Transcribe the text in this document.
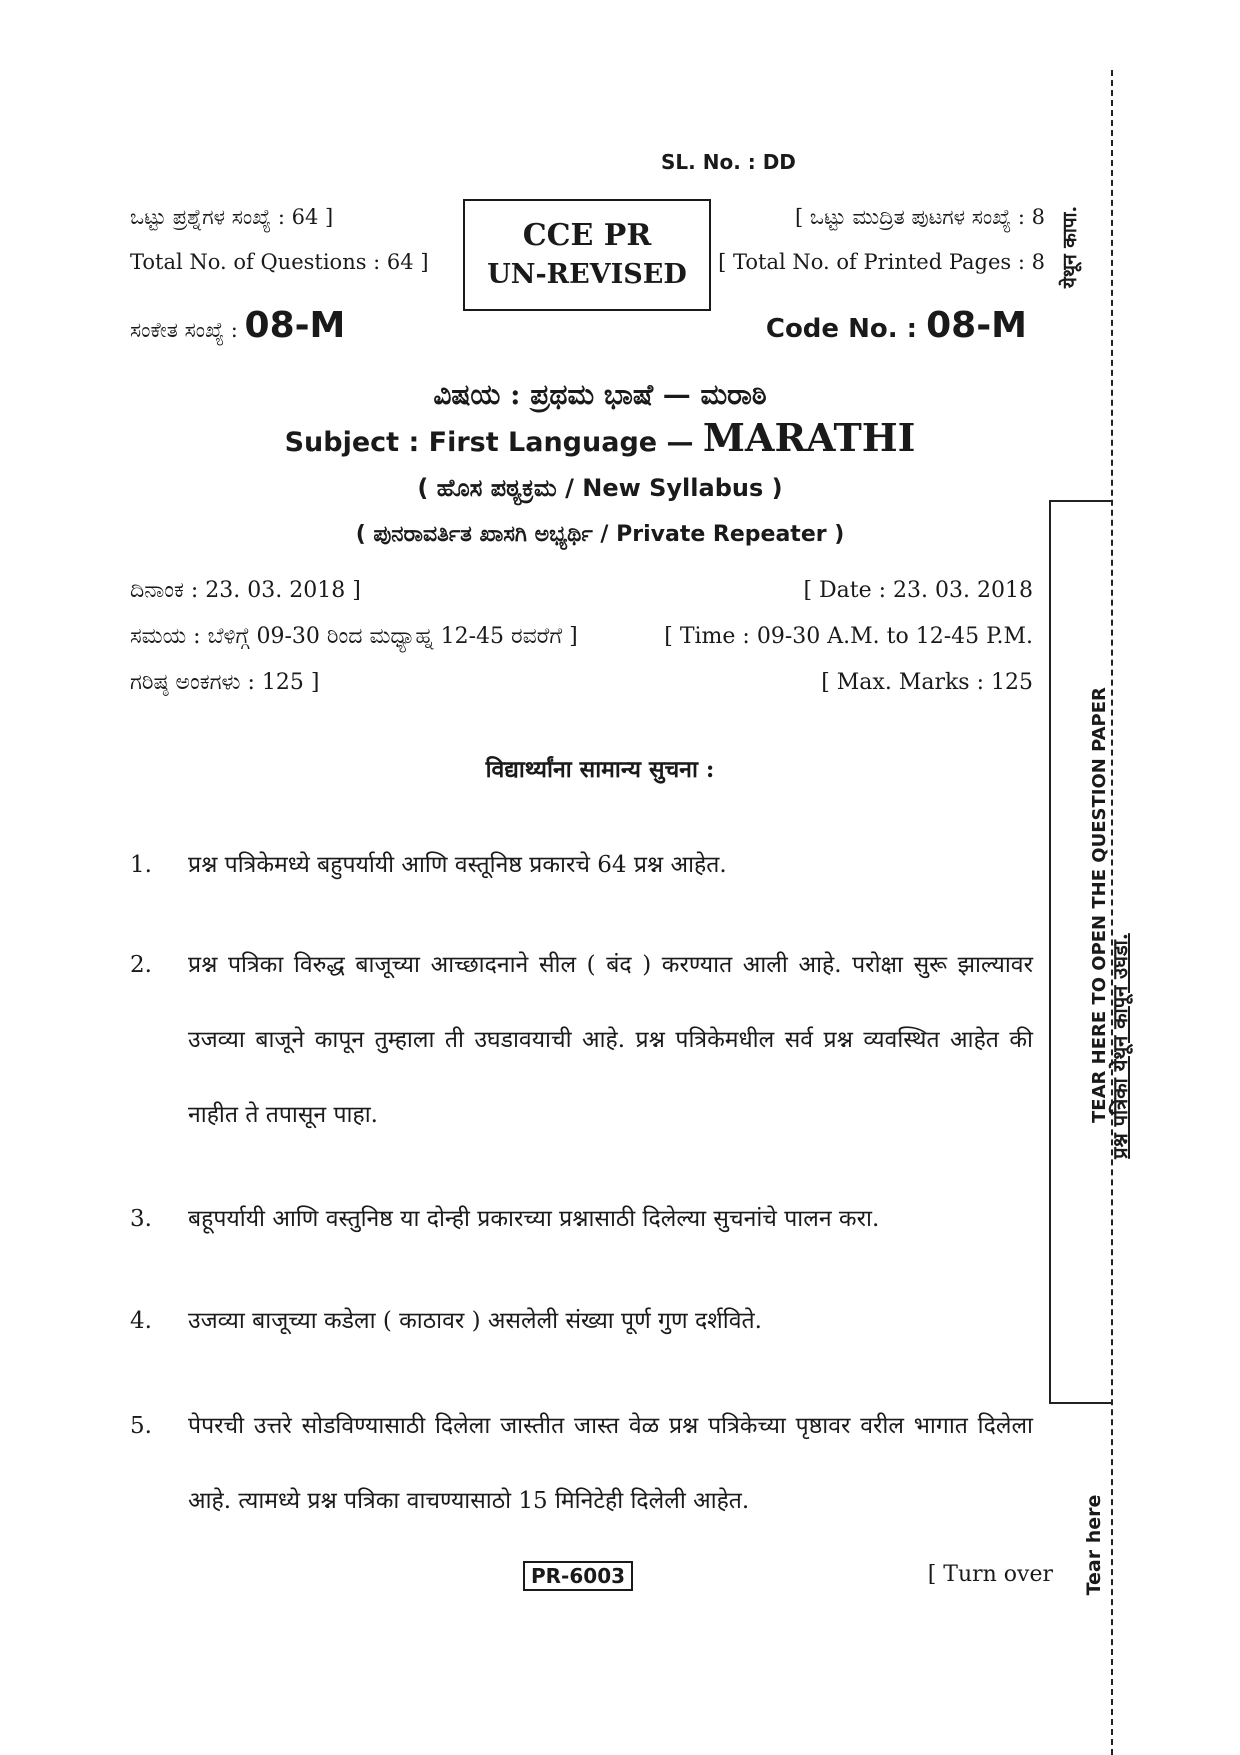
SL. No. : DD
ಒಟ್ಟು ಪ್ರಶ್ನೆಗಳ ಸಂಖ್ಯೆ : 64 ]
Total No. of Questions : 64 ]
CCE PR
UN-REVISED
[ ಒಟ್ಟು ಮುದ್ರಿತ ಪುಟಗಳ ಸಂಖ್ಯೆ : 8
[ Total No. of Printed Pages : 8
ಸಂಕೇತ ಸಂಖ್ಯೆ : 08-M	Code No. : 08-M
ವಿಷಯ : ಪ್ರಥಮ ಭಾಷೆ — ಮರಾಠಿ
Subject : First Language — MARATHI
( ಹೊಸ ಪಠ್ಯಕ್ರಮ / New Syllabus )
( ಪುನರಾವರ್ತಿತ ಖಾಸಗಿ ಅಭ್ಯರ್ಥಿ / Private Repeater )
ದಿನಾಂಕ : 23. 03. 2018 ]	[ Date : 23. 03. 2018
ಸಮಯ : ಬೆಳಿಗ್ಗೆ 09-30 ರಿಂದ ಮಧ್ಯಾಹ್ನ 12-45 ರವರೆಗೆ ]	[ Time : 09-30 A.M. to 12-45 P.M.
ಗರಿಷ್ಠ ಅಂಕಗಳು : 125 ]	[ Max. Marks : 125
विद्यार्थ्यांना सामान्य सुचना :
1. प्रश्न पत्रिकेमध्ये बहुपर्यायी आणि वस्तूनिष्ठ प्रकारचे 64 प्रश्न आहेत.
2. प्रश्न पत्रिका विरुद्ध बाजूच्या आच्छादनाने सील ( बंद ) करण्यात आली आहे. परोक्षा सुरू झाल्यावर उजव्या बाजूने कापून तुम्हाला ती उघडावयाची आहे. प्रश्न पत्रिकेमधील सर्व प्रश्न व्यवस्थित आहेत की नाहीत ते तपासून पाहा.
3. बहूपर्यायी आणि वस्तुनिष्ठ या दोन्ही प्रकारच्या प्रश्नासाठी दिलेल्या सुचनांचे पालन करा.
4. उजव्या बाजूच्या कडेला ( काठावर ) असलेली संख्या पूर्ण गुण दर्शविते.
5. पेपरची उत्तरे सोडविण्यासाठी दिलेला जास्तीत जास्त वेळ प्रश्न पत्रिकेच्या पृष्ठावर वरील भागात दिलेला आहे. त्यामध्ये प्रश्न पत्रिका वाचण्यासाठो 15 मिनिटेही दिलेली आहेत.
PR-6003	[ Turn over
TEAR HERE TO OPEN THE QUESTION PAPER
प्रश्न पत्रिका येथून कापून उघडा.
येथून कापा.
Tear here
